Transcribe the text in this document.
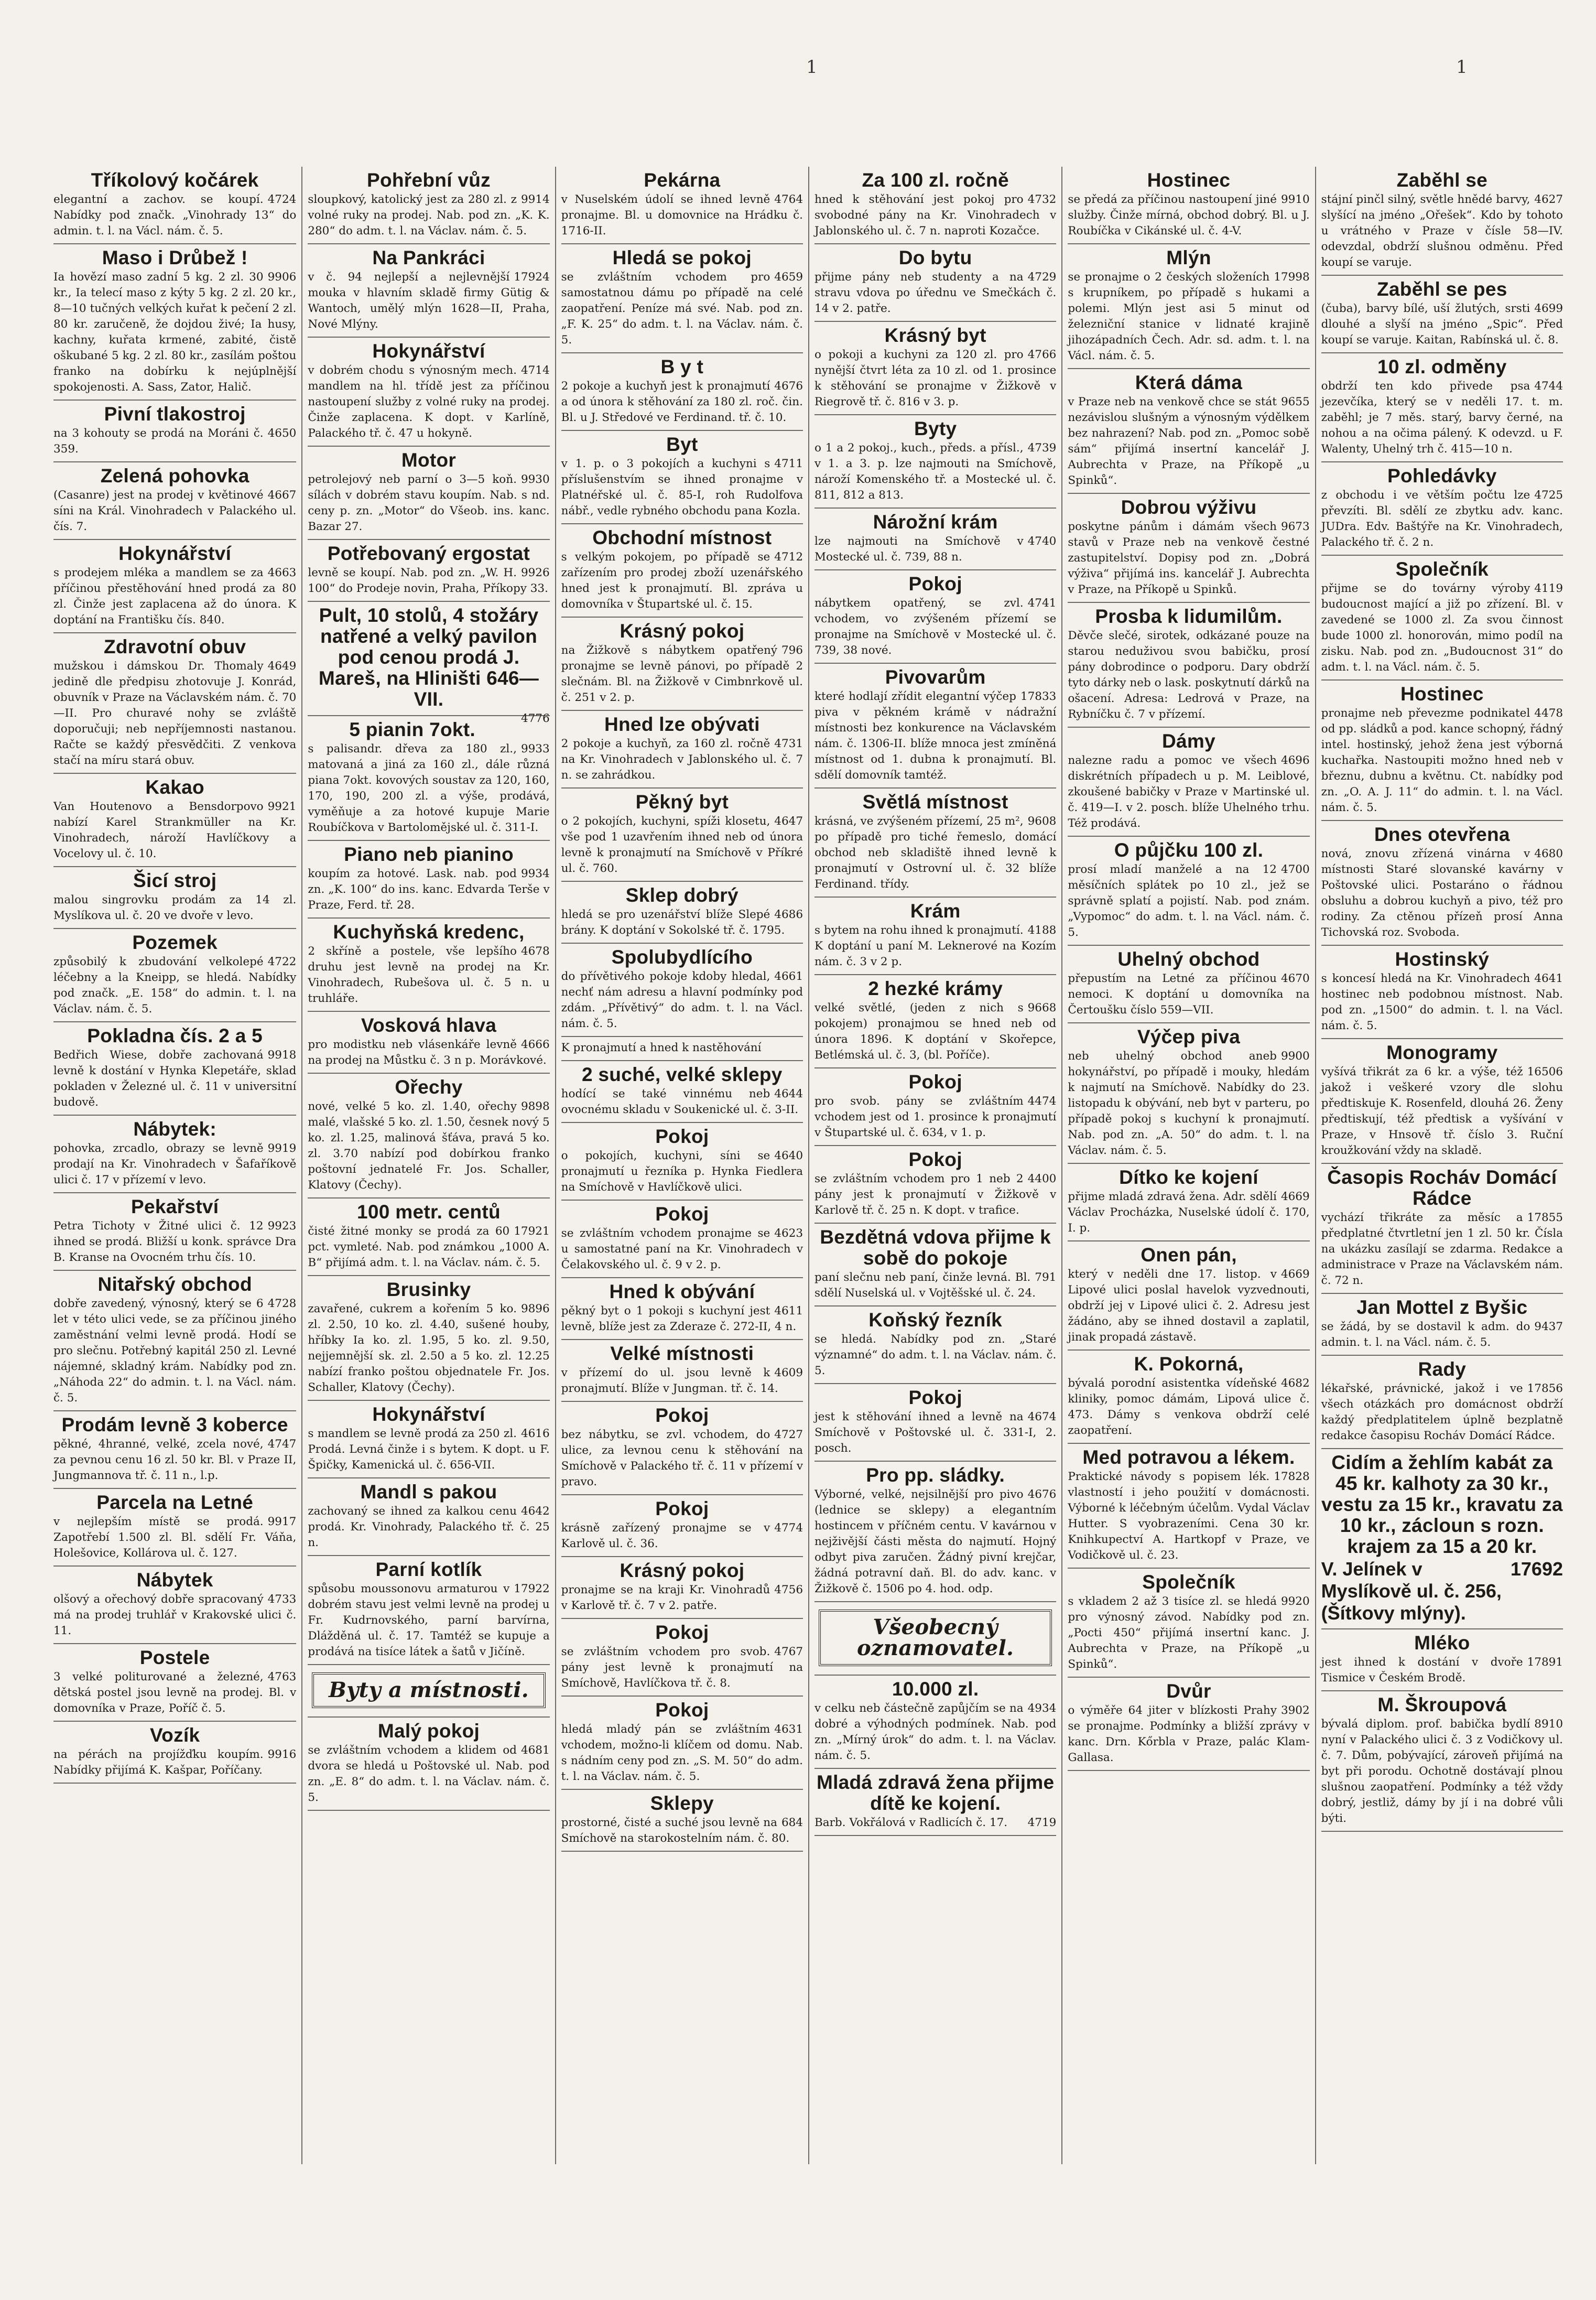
1	1
Tříkolový kočárek
4724
elegantní a zachov. se koupí. Nabídky pod značk. „Vinohrady 13“ do admin. t. l. na Václ. nám. č. 5.
Maso i Drůbež !
9906
Ia hovězí maso zadní 5 kg. 2 zl. 30 kr., Ia telecí maso z kýty 5 kg. 2 zl. 20 kr., 8—10 tučných velkých kuřat k pečení 2 zl. 80 kr. zaručeně, že dojdou živé; Ia husy, kachny, kuřata krmené, zabité, čistě oškubané 5 kg. 2 zl. 80 kr., zasílám poštou franko na dobírku k nejúplnější spokojenosti. A. Sass, Zator, Halič.
Pivní tlakostroj
4650
na 3 kohouty se prodá na Moráni č. 359.
Zelená pohovka
4667
(Casanre) jest na prodej v květinové síni na Král. Vinohradech v Palackého ul. čís. 7.
Hokynářství
4663
s prodejem mléka a mandlem se za příčinou přestěhování hned prodá za 80 zl. Činže jest zaplacena až do února. K doptání na Františku čís. 840.
Zdravotní obuv
4649
mužskou i dámskou Dr. Thomaly jedině dle předpisu zhotovuje J. Konrád, obuvník v Praze na Václavském nám. č. 70—II. Pro churavé nohy se zvláště doporučuji; neb nepříjemnosti nastanou. Račte se každý přesvědčiti. Z venkova stačí na míru stará obuv.
Kakao
9921
Van Houtenovo a Bensdorpovo nabízí Karel Strankmüller na Kr. Vinohradech, nároží Havlíčkovy a Vocelovy ul. č. 10.
Šicí stroj
malou singrovku prodám za 14 zl. Myslíkova ul. č. 20 ve dvoře v levo.
Pozemek
4722
způsobilý k zbudování velkolepé léčebny a la Kneipp, se hledá. Nabídky pod značk. „E. 158“ do admin. t. l. na Václav. nám. č. 5.
Pokladna čís. 2 a 5
9918
Bedřich Wiese, dobře zachovaná levně k dostání v Hynka Klepetáře, sklad pokladen v Železné ul. č. 11 v universitní budově.
Nábytek:
9919
pohovka, zrcadlo, obrazy se levně prodají na Kr. Vinohradech v Šafaříkově ulici č. 17 v přízemí v levo.
Pekařství
9923
Petra Tichoty v Žitné ulici č. 12 ihned se prodá. Bližší u konk. správce Dra B. Kranse na Ovocném trhu čís. 10.
Nitařský obchod
4728
dobře zavedený, výnosný, který se 6 let v této ulici vede, se za příčinou jiného zaměstnání velmi levně prodá. Hodí se pro slečnu. Potřebný kapitál 250 zl. Levné nájemné, skladný krám. Nabídky pod zn. „Náhoda 22“ do admin. t. l. na Václ. nám. č. 5.
Prodám levně 3 koberce
4747
pěkné, 4hranné, velké, zcela nové, za pevnou cenu 16 zl. 50 kr. Bl. v Praze II, Jungmannova tř. č. 11 n., l.p.
Parcela na Letné
9917
v nejlepším místě se prodá. Zapotřebí 1.500 zl. Bl. sdělí Fr. Váňa, Holešovice, Kollárova ul. č. 127.
Nábytek
4733
olšový a ořechový dobře spracovaný má na prodej truhlář v Krakovské ulici č. 11.
Postele
4763
3 velké politurované a železné, dětská postel jsou levně na prodej. Bl. v domovníka v Praze, Poříč č. 5.
Vozík
9916
na pérách na projížďku koupím. Nabídky přijímá K. Kašpar, Poříčany.
Pohřební vůz
9914
sloupkový, katolický jest za 280 zl. z volné ruky na prodej. Nab. pod zn. „K. K. 280“ do adm. t. l. na Václav. nám. č. 5.
Na Pankráci
17924
v č. 94 nejlepší a nejlevnější mouka v hlavním skladě firmy Gütig & Wantoch, umělý mlýn 1628—II, Praha, Nové Mlýny.
Hokynářství
4714
v dobrém chodu s výnosným mech. mandlem na hl. třídě jest za příčinou nastoupení služby z volné ruky na prodej. Činže zaplacena. K dopt. v Karlíně, Palackého tř. č. 47 u hokyně.
Motor
9930
petrolejový neb parní o 3—5 koň. sílách v dobrém stavu koupím. Nab. s nd. ceny p. zn. „Motor“ do Všeob. ins. kanc. Bazar 27.
Potřebovaný ergostat
9926
levně se koupí. Nab. pod zn. „W. H. 100“ do Prodeje novin, Praha, Příkopy 33.
Pult, 10 stolů, 4 stožáry natřené a velký pavilon pod cenou prodá J. Mareš, na Hliništi 646—VII.
4776
5 pianin 7okt.
9933
s palisandr. dřeva za 180 zl., matovaná a jiná za 160 zl., dále různá piana 7okt. kovových soustav za 120, 160, 170, 190, 200 zl. a výše, prodává, vyměňuje a za hotové kupuje Marie Roubíčkova v Bartolomějské ul. č. 311-I.
Piano neb pianino
9934
koupím za hotové. Lask. nab. pod zn. „K. 100“ do ins. kanc. Edvarda Terše v Praze, Ferd. tř. 28.
Kuchyňská kredenc,
4678
2 skříně a postele, vše lepšího druhu jest levně na prodej na Kr. Vinohradech, Rubešova ul. č. 5 n. u truhláře.
Vosková hlava
4666
pro modistku neb vlásenkáře levně na prodej na Můstku č. 3 n p. Morávkové.
Ořechy
9898
nové, velké 5 ko. zl. 1.40, ořechy malé, vlašské 5 ko. zl. 1.50, česnek nový 5 ko. zl. 1.25, malinová šťáva, pravá 5 ko. zl. 3.70 nabízí pod dobírkou franko poštovní jednatelé Fr. Jos. Schaller, Klatovy (Čechy).
100 metr. centů
17921
čisté žitné monky se prodá za 60 pct. vymleté. Nab. pod známkou „1000 A. B“ přijímá adm. t. l. na Václav. nám. č. 5.
Brusinky
9896
zavařené, cukrem a kořením 5 ko. zl. 2.50, 10 ko. zl. 4.40, sušené houby, hříbky Ia ko. zl. 1.95, 5 ko. zl. 9.50, nejjemnější sk. zl. 2.50 a 5 ko. zl. 12.25 nabízí franko poštou objednatele Fr. Jos. Schaller, Klatovy (Čechy).
Hokynářství
4616
s mandlem se levně prodá za 250 zl. Prodá. Levná činže i s bytem. K dopt. u F. Špičky, Kamenická ul. č. 656-VII.
Mandl s pakou
4642
zachovaný se ihned za kalkou cenu prodá. Kr. Vinohrady, Palackého tř. č. 25 n.
Parní kotlík
17922
spůsobu moussonovu armaturou v dobrém stavu jest velmi levně na prodej u Fr. Kudrnovského, parní barvírna, Dlážděná ul. č. 17. Tamtéž se kupuje a prodává na tisíce látek a šatů v Jičíně.
Byty a místnosti.
Malý pokoj
4681
se zvláštním vchodem a klidem od dvora se hledá u Poštovské ul. Nab. pod zn. „E. 8“ do adm. t. l. na Václav. nám. č. 5.
Pekárna
4764
v Nuselském údolí se ihned levně pronajme. Bl. u domovnice na Hrádku č. 1716-II.
Hledá se pokoj
4659
se zvláštním vchodem pro samostatnou dámu po případě na celé zaopatření. Peníze má své. Nab. pod zn. „F. K. 25“ do adm. t. l. na Václav. nám. č. 5.
B y t
4676
2 pokoje a kuchyň jest k pronajmutí a od února k stěhování za 180 zl. roč. čin. Bl. u J. Středové ve Ferdinand. tř. č. 10.
Byt
4711
v 1. p. o 3 pokojích a kuchyni s příslušenstvím se ihned pronajme v Platnéřské ul. č. 85-I, roh Rudolfova nábř., vedle rybného obchodu pana Kozla.
Obchodní místnost
4712
s velkým pokojem, po případě se zařízením pro prodej zboží uzenářského hned jest k pronajmutí. Bl. zpráva u domovníka v Štupartské ul. č. 15.
Krásný pokoj
796
na Žižkově s nábytkem opatřený pronajme se levně pánovi, po případě 2 slečnám. Bl. na Žižkově v Cimbnrkově ul. č. 251 v 2. p.
Hned lze obývati
4731
2 pokoje a kuchyň, za 160 zl. ročně na Kr. Vinohradech v Jablonského ul. č. 7 n. se zahrádkou.
Pěkný byt
4647
o 2 pokojích, kuchyni, spíži klosetu, vše pod 1 uzavřením ihned neb od února levně k pronajmutí na Smíchově v Příkré ul. č. 760.
Sklep dobrý
4686
hledá se pro uzenářství blíže Slepé brány. K doptání v Sokolské tř. č. 1795.
Spolubydlícího
4661
do přívětivého pokoje kdoby hledal, nechť nám adresu a hlavní podmínky pod zdám. „Přívětivý“ do adm. t. l. na Václ. nám. č. 5.
K pronajmutí a hned k nastěhování
2 suché, velké sklepy
4644
hodící se také vinnému neb ovocnému skladu v Soukenické ul. č. 3-II.
Pokoj
4640
o pokojích, kuchyni, síni se pronajmutí u řezníka p. Hynka Fiedlera na Smíchově v Havlíčkově ulici.
Pokoj
4623
se zvláštním vchodem pronajme se u samostatné paní na Kr. Vinohradech v Čelakovského ul. č. 9 v 2. p.
Hned k obývání
4611
pěkný byt o 1 pokoji s kuchyní jest levně, blíže jest za Zderaze č. 272-II, 4 n.
Velké místnosti
4609
v přízemí do ul. jsou levně k pronajmutí. Blíže v Jungman. tř. č. 14.
Pokoj
4727
bez nábytku, se zvl. vchodem, do ulice, za levnou cenu k stěhování na Smíchově v Palackého tř. č. 11 v přízemí v pravo.
Pokoj
4774
krásně zařízený pronajme se v Karlově ul. č. 36.
Krásný pokoj
4756
pronajme se na kraji Kr. Vinohradů v Karlově tř. č. 7 v 2. patře.
Pokoj
4767
se zvláštním vchodem pro svob. pány jest levně k pronajmutí na Smíchově, Havlíčkova tř. č. 8.
Pokoj
4631
hledá mladý pán se zvláštním vchodem, možno-li klíčem od domu. Nab. s nádním ceny pod zn. „S. M. 50“ do adm. t. l. na Václav. nám. č. 5.
Sklepy
684
prostorné, čisté a suché jsou levně na Smíchově na starokostelním nám. č. 80.
Za 100 zl. ročně
4732
hned k stěhování jest pokoj pro svobodné pány na Kr. Vinohradech v Jablonského ul. č. 7 n. naproti Kozačce.
Do bytu
4729
přijme pány neb studenty a na stravu vdova po úřednu ve Smečkách č. 14 v 2. patře.
Krásný byt
4766
o pokoji a kuchyni za 120 zl. pro nynější čtvrt léta za 10 zl. od 1. prosince k stěhování se pronajme v Žižkově v Riegrově tř. č. 816 v 3. p.
Byty
4739
o 1 a 2 pokoj., kuch., předs. a přísl., v 1. a 3. p. lze najmouti na Smíchově, nároží Komenského tř. a Mostecké ul. č. 811, 812 a 813.
Nárožní krám
4740
lze najmouti na Smíchově v Mostecké ul. č. 739, 88 n.
Pokoj
4741
nábytkem opatřený, se zvl. vchodem, vo zvýšeném přízemí se pronajme na Smíchově v Mostecké ul. č. 739, 38 nové.
Pivovarům
17833
které hodlají zřídit elegantní výčep piva v pěkném krámě v nádražní místnosti bez konkurence na Václavském nám. č. 1306-II. blíže mnoca jest zmíněná místnost od 1. dubna k pronajmutí. Bl. sdělí domovník tamtéž.
Světlá místnost
9608
krásná, ve zvýšeném přízemí, 25 m², po případě pro tiché řemeslo, domácí obchod neb skladiště ihned levně k pronajmutí v Ostrovní ul. č. 32 blíže Ferdinand. třídy.
Krám
4188
s bytem na rohu ihned k pronajmutí. K doptání u paní M. Leknerové na Kozím nám. č. 3 v 2 p.
2 hezké krámy
9668
velké světlé, (jeden z nich s pokojem) pronajmou se hned neb od února 1896. K doptání v Skořepce, Betlémská ul. č. 3, (bl. Poříče).
Pokoj
4474
pro svob. pány se zvláštním vchodem jest od 1. prosince k pronajmutí v Štupartské ul. č. 634, v 1. p.
Pokoj
4400
se zvláštním vchodem pro 1 neb 2 pány jest k pronajmutí v Žižkově v Karlově tř. č. 25 n. K dopt. v trafice.
Bezdětná vdova přijme k sobě do pokoje
791
paní slečnu neb paní, činže levná. Bl. sdělí Nuselská ul. v Vojtěšské ul. č. 24.
Koňský řezník
se hledá. Nabídky pod zn. „Staré významné“ do adm. t. l. na Václav. nám. č. 5.
Pokoj
4674
jest k stěhování ihned a levně na Smíchově v Poštovské ul. č. 331-I, 2. posch.
Pro pp. sládky.
4676
Výborné, velké, nejsilnější pro pivo (lednice se sklepy) a elegantním hostincem v příčném centu. V kavárnou v nejživější části města do najmutí. Hojný odbyt piva zaručen. Žádný pivní krejčar, žádná potravní daň. Bl. do adv. kanc. v Žižkově č. 1506 po 4. hod. odp.
Všeobecný oznamovatel.
10.000 zl.
4934
v celku neb částečně zapůjčím se na dobré a výhodných podmínek. Nab. pod zn. „Mírný úrok“ do adm. t. l. na Václav. nám. č. 5.
Mladá zdravá žena přijme dítě ke kojení.
4719
Barb. Vokřálová v Radlicích č. 17.
Hostinec
9910
se předá za příčinou nastoupení jiné služby. Činže mírná, obchod dobrý. Bl. u J. Roubíčka v Cikánské ul. č. 4-V.
Mlýn
17998
se pronajme o 2 českých složeních s krupníkem, po případě s hukami a polemi. Mlýn jest asi 5 minut od železniční stanice v lidnaté krajině jihozápadních Čech. Adr. sd. adm. t. l. na Václ. nám. č. 5.
Která dáma
9655
v Praze neb na venkově chce se stát nezávislou slušným a výnosným výdělkem bez nahrazení? Nab. pod zn. „Pomoc sobě sám“ přijímá insertní kancelář J. Aubrechta v Praze, na Příkopě „u Spinků“.
Dobrou výživu
9673
poskytne pánům i dámám všech stavů v Praze neb na venkově čestné zastupitelství. Dopisy pod zn. „Dobrá výživa“ přijímá ins. kancelář J. Aubrechta v Praze, na Příkopě u Spinků.
Prosba k lidumilům.
Děvče slečé, sirotek, odkázané pouze na starou neduživou svou babičku, prosí pány dobrodince o podporu. Dary obdrží tyto dárky neb o lask. poskytnutí dárků na ošacení. Adresa: Ledrová v Praze, na Rybníčku č. 7 v přízemí.
Dámy
4696
nalezne radu a pomoc ve všech diskrétních případech u p. M. Leiblové, zkoušené babičky v Praze v Martinské ul. č. 419—I. v 2. posch. blíže Uhelného trhu. Též prodává.
O půjčku 100 zl.
4700
prosí mladí manželé a na 12 měsíčních splátek po 10 zl., jež se správně splatí a pojistí. Nab. pod znám. „Vypomoc“ do adm. t. l. na Václ. nám. č. 5.
Uhelný obchod
4670
přepustím na Letné za příčinou nemoci. K doptání u domovníka na Čertoušku číslo 559—VII.
Výčep piva
9900
neb uhelný obchod aneb hokynářství, po případě i mouky, hledám k najmutí na Smíchově. Nabídky do 23. listopadu k obývání, neb byt v parteru, po případě pokoj s kuchyní k pronajmutí. Nab. pod zn. „A. 50“ do adm. t. l. na Václav. nám. č. 5.
Dítko ke kojení
4669
přijme mladá zdravá žena. Adr. sdělí Václav Procházka, Nuselské údolí č. 170, I. p.
Onen pán,
4669
který v neděli dne 17. listop. v Lipové ulici poslal havelok vyzvednouti, obdrží jej v Lipové ulici č. 2. Adresu jest žádáno, aby se ihned dostavil a zaplatil, jinak propadá zástavě.
K. Pokorná,
4682
bývalá porodní asistentka vídeňské kliniky, pomoc dámám, Lipová ulice č. 473. Dámy s venkova obdrží celé zaopatření.
Med potravou a lékem.
17828
Praktické návody s popisem lék. vlastností i jeho použití v domácnosti. Výborné k léčebným účelům. Vydal Václav Hutter. S vyobrazeními. Cena 30 kr. Knihkupectví A. Hartkopf v Praze, ve Vodičkově ul. č. 23.
Společník
9920
s vkladem 2 až 3 tisíce zl. se hledá pro výnosný závod. Nabídky pod zn. „Pocti 450“ přijímá insertní kanc. J. Aubrechta v Praze, na Příkopě „u Spinků“.
Dvůr
3902
o výměře 64 jiter v blízkosti Prahy se pronajme. Podmínky a bližší zprávy v kanc. Drn. Kőrbla v Praze, palác Klam-Gallasa.
Zaběhl se
4627
stájní pinčl silný, světle hnědé barvy, slyšící na jméno „Ořešek“. Kdo by tohoto u vrátného v Praze v čísle 58—IV. odevzdal, obdrží slušnou odměnu. Před koupí se varuje.
Zaběhl se pes
4699
(čuba), barvy bílé, uší žlutých, srsti dlouhé a slyší na jméno „Spic“. Před koupí se varuje. Kaitan, Rabínská ul. č. 8.
10 zl. odměny
4744
obdrží ten kdo přivede psa jezevčíka, který se v neděli 17. t. m. zaběhl; je 7 měs. starý, barvy černé, na nohou a na očima pálený. K odevzd. u F. Walenty, Uhelný trh č. 415—10 n.
Pohledávky
4725
z obchodu i ve větším počtu lze převzíti. Bl. sdělí ze zbytku adv. kanc. JUDra. Edv. Baštýře na Kr. Vinohradech, Palackého tř. č. 2 n.
Společník
4119
přijme se do továrny výroby budoucnost mající a již po zřízení. Bl. v zavedené se 1000 zl. Za svou činnost bude 1000 zl. honorován, mimo podíl na zisku. Nab. pod zn. „Budoucnost 31“ do adm. t. l. na Václ. nám. č. 5.
Hostinec
4478
pronajme neb převezme podnikatel od pp. sládků a pod. kance schopný, řádný intel. hostinský, jehož žena jest výborná kuchařka. Nastoupiti možno hned neb v březnu, dubnu a květnu. Ct. nabídky pod zn. „O. A. J. 11“ do admin. t. l. na Václ. nám. č. 5.
Dnes otevřena
4680
nová, znovu zřízená vinárna v místnosti Staré slovanské kavárny v Poštovské ulici. Postaráno o řádnou obsluhu a dobrou kuchyň a pivo, též pro rodiny. Za ctěnou přízeň prosí Anna Tichovská roz. Svoboda.
Hostinský
4641
s koncesí hledá na Kr. Vinohradech hostinec neb podobnou místnost. Nab. pod zn. „1500“ do admin. t. l. na Václ. nám. č. 5.
Monogramy
16506
vyšívá třikrát za 6 kr. a výše, též jakož i veškeré vzory dle slohu předtiskuje K. Rosenfeld, dlouhá 26. Ženy předtiskují, též předtisk a vyšívání v Praze, v Hnsově tř. číslo 3. Ruční kroužkování vždy na skladě.
Časopis Rocháv Domácí Rádce
17855
vychází třikráte za měsíc a předplatné čtvrtletní jen 1 zl. 50 kr. Čísla na ukázku zasílají se zdarma. Redakce a administrace v Praze na Václavském nám. č. 72 n.
Jan Mottel z Byšic
9437
se žádá, by se dostavil k adm. do admin. t. l. na Václ. nám. č. 5.
Rady
17856
lékařské, právnické, jakož i ve všech otázkách pro domácnost obdrží každý předplatitelem úplně bezplatně redakce časopisu Rocháv Domácí Rádce.
Cidím a žehlím kabát za 45 kr. kalhoty za 30 kr., vestu za 15 kr., kravatu za 10 kr., zácloun s rozn. krajem za 15 a 20 kr.
17692
V. Jelínek v Myslíkově ul. č. 256, (Šítkovy mlýny).
Mléko
17891
jest ihned k dostání v dvoře Tismice v Českém Brodě.
M. Škroupová
8910
bývalá diplom. prof. babička bydlí nyní v Palackého ulici č. 3 z Vodičkovy ul. č. 7. Dům, pobývající, zároveň přijímá na byt při porodu. Ochotně dostávají plnou slušnou zaopatření. Podmínky a též vždy dobrý, jestliž, dámy by jí i na dobré vůli býti.
